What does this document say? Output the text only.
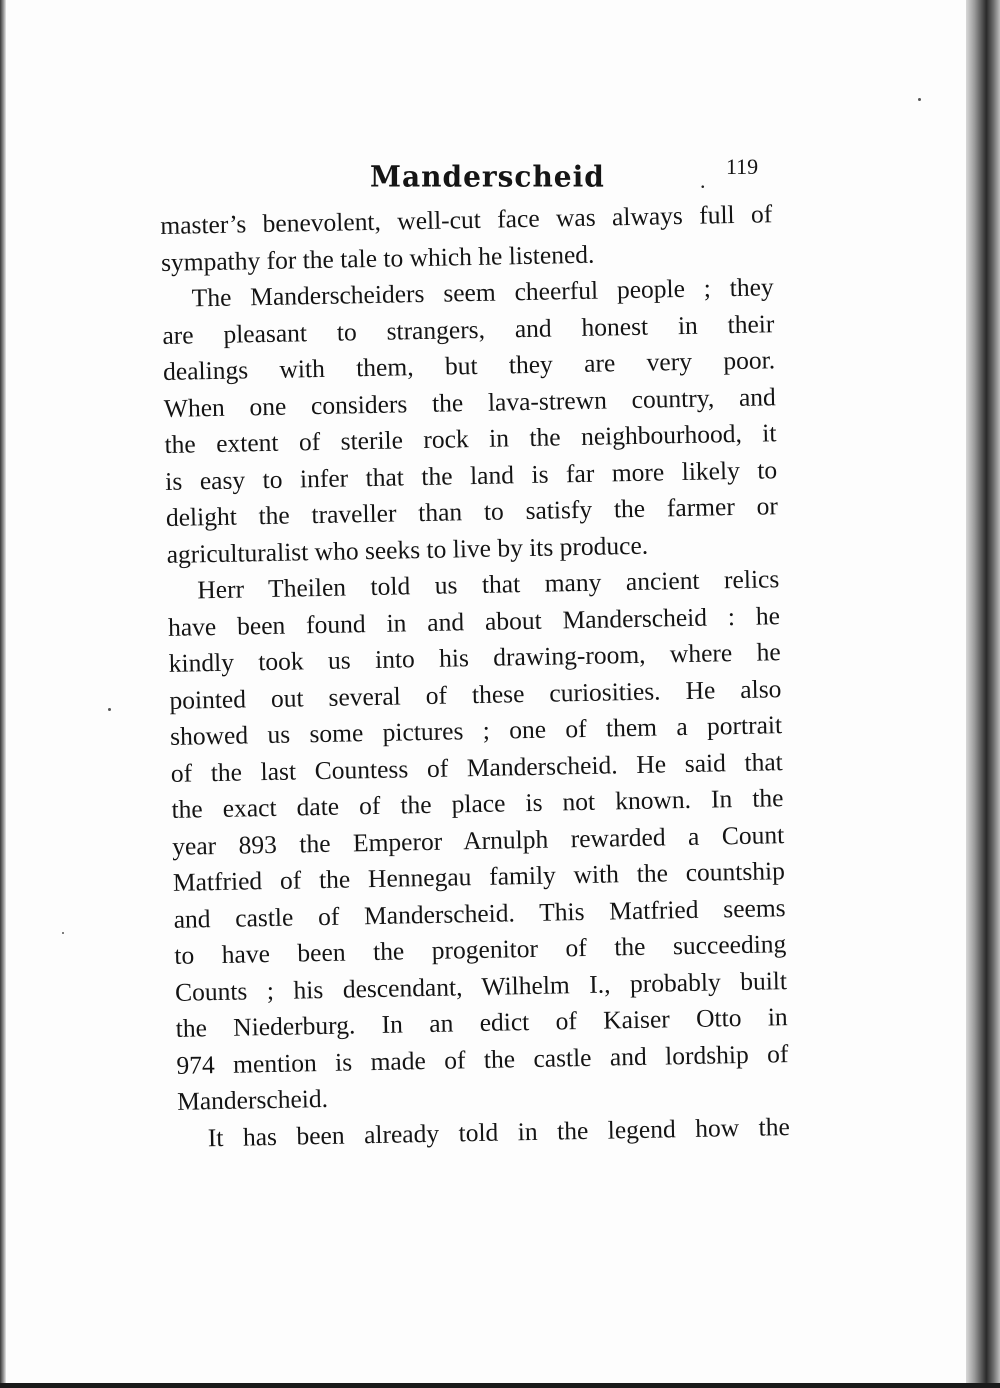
Manderscheid	.
119
master’s benevolent, well-cut face was always full of
sympathy for the tale to which he listened.
The Manderscheiders seem cheerful people ; they
are pleasant to strangers, and honest in their
dealings with them, but they are very poor.
When one considers the lava-strewn country, and
the extent of sterile rock in the neighbourhood, it
is easy to infer that the land is far more likely to
delight the traveller than to satisfy the farmer or
agriculturalist who seeks to live by its produce.
Herr Theilen told us that many ancient relics
have been found in and about Manderscheid : he
kindly took us into his drawing-room, where he
pointed out several of these curiosities. He also
showed us some pictures ; one of them a portrait
of the last Countess of Manderscheid. He said that
the exact date of the place is not known. In the
year 893 the Emperor Arnulph rewarded a Count
Matfried of the Hennegau family with the countship
and castle of Manderscheid. This Matfried seems
to have been the progenitor of the succeeding
Counts ; his descendant, Wilhelm I., probably built
the Niederburg. In an edict of Kaiser Otto in
974 mention is made of the castle and lordship of
Manderscheid.
It has been already told in the legend how the
